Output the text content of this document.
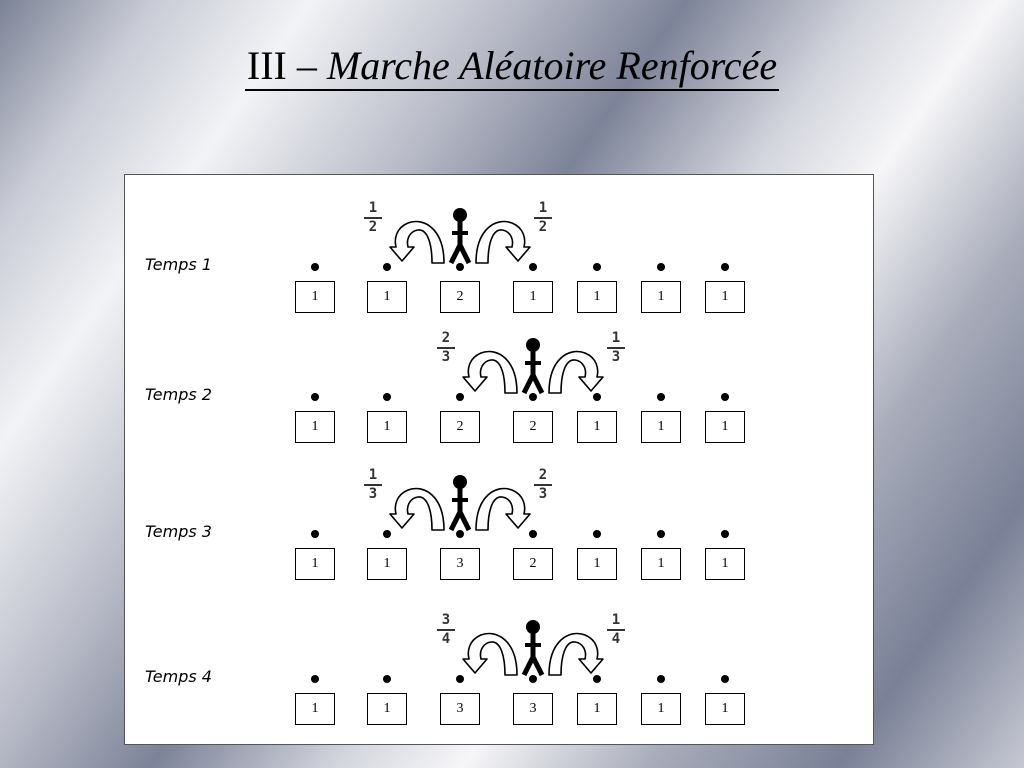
III – Marche Aléatoire Renforcée
Temps 1
1	1	2	1	1	1	1
1
2
1
2
Temps 2
1	1	2	2	1	1	1
2
3
1
3
Temps 3
1	1	3	2	1	1	1
1
3
2
3
Temps 4
1	1	3	3	1	1	1
3
4
1
4
